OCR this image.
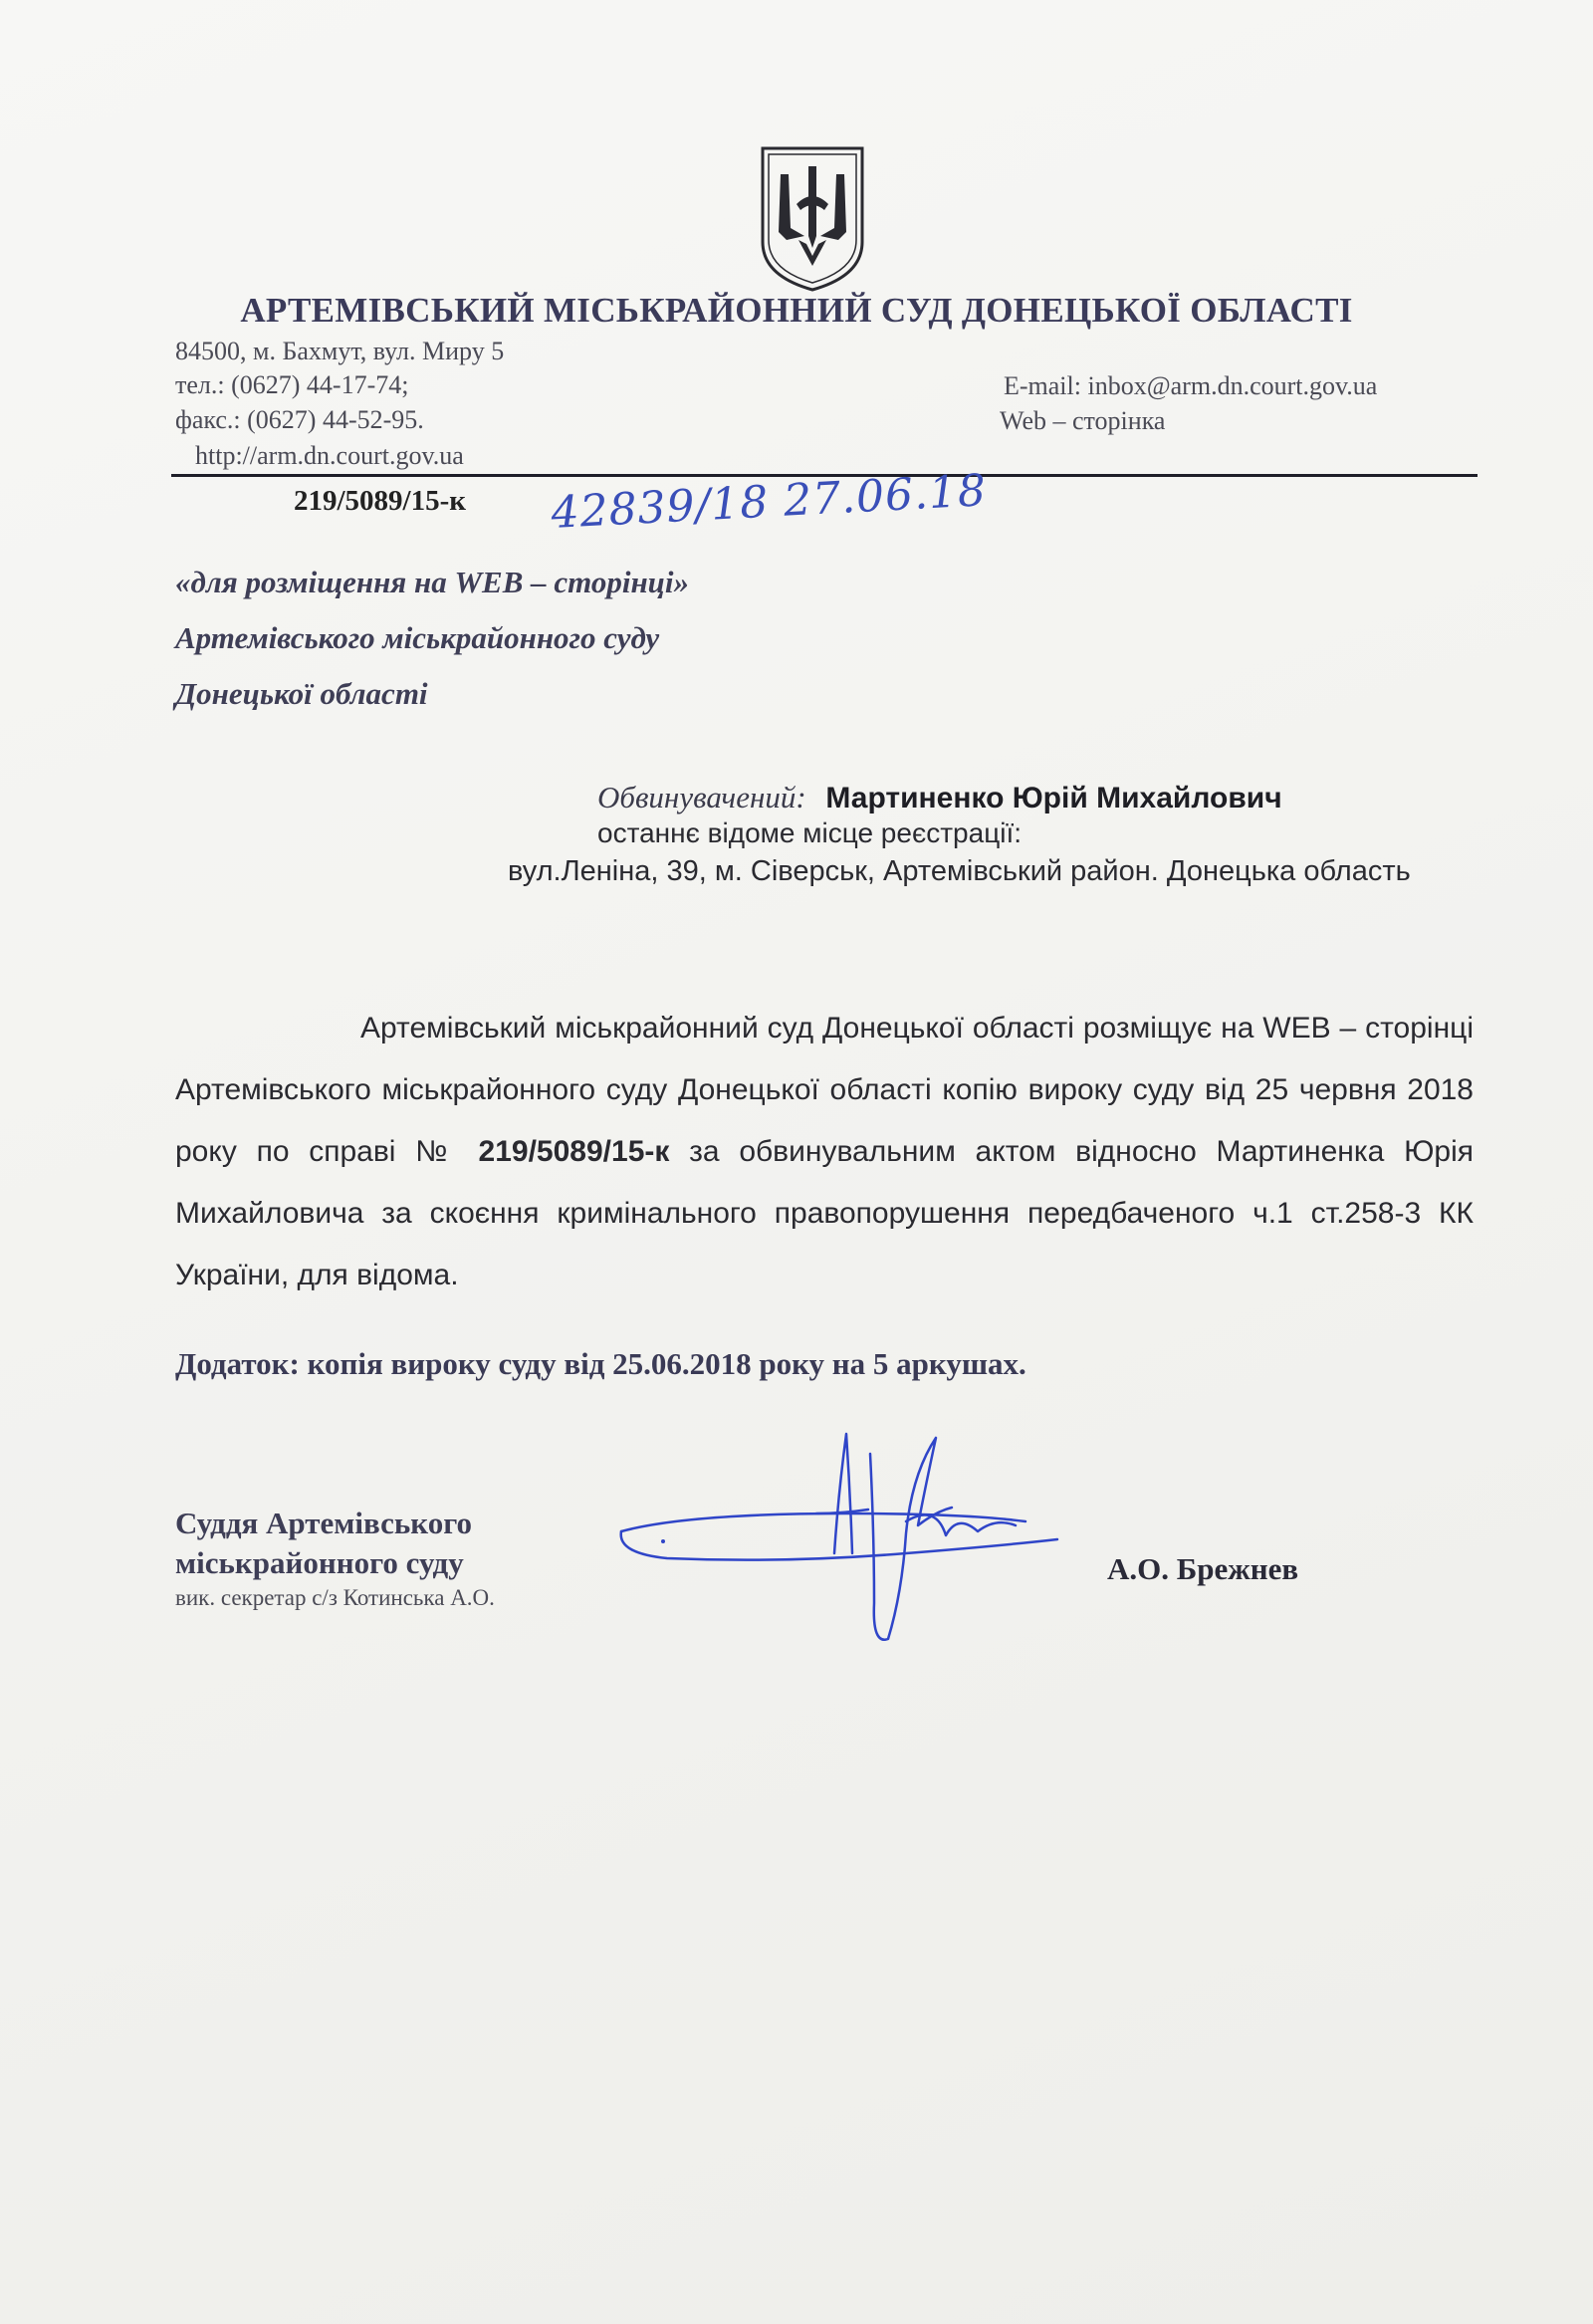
АРТЕМІВСЬКИЙ МІСЬКРАЙОННИЙ СУД ДОНЕЦЬКОЇ ОБЛАСТІ
84500, м. Бахмут, вул. Миру 5
тел.: (0627) 44-17-74;
факс.: (0627) 44-52-95.
http://arm.dn.court.gov.ua
E-mail: inbox@arm.dn.court.gov.ua
Web – сторінка
219/5089/15-к 42839/18 27.06.18
«для розміщення на WEB – сторінці»
Артемівського міськрайонного суду
Донецької області
Обвинувачений: Мартиненко Юрій Михайлович
останнє відоме місце реєстрації:
вул.Леніна, 39, м. Сіверськ, Артемівський район. Донецька область

Артемівський міськрайонний суд Донецької області розміщує на WEB – сторінці Артемівського міськрайонного суду Донецької області копію вироку суду від 25 червня 2018 року по справі № 219/5089/15-к за обвинувальним актом відносно Мартиненка Юрія Михайловича за скоєння кримінального правопорушення передбаченого ч.1 ст.258-3 КК України, для відома.

Додаток: копія вироку суду від 25.06.2018 року на 5 аркушах.
Суддя Артемівського
міськрайонного суду
вик. секретар с/з Котинська А.О.
А.О. Брежнев
